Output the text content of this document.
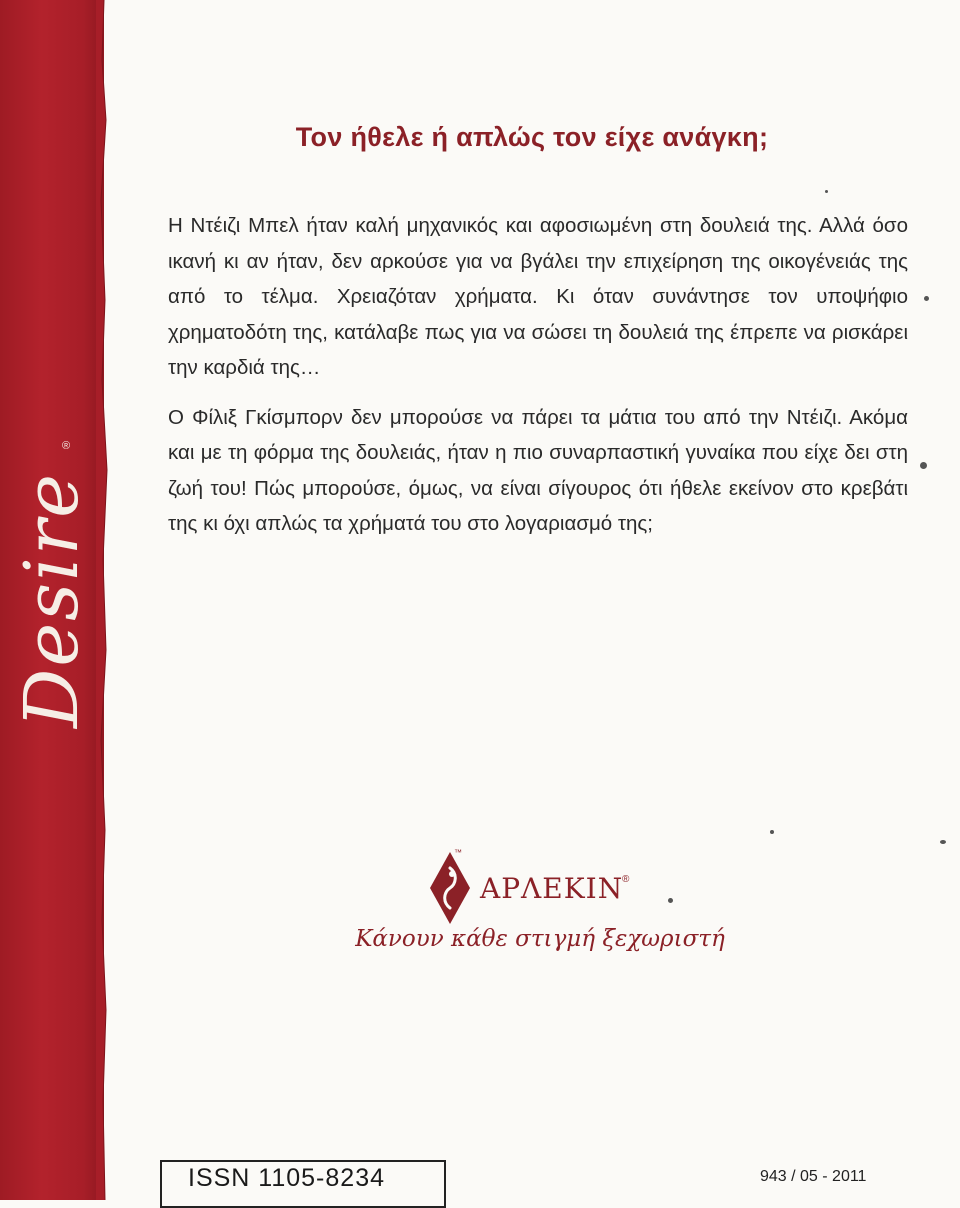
Desire
®
Τον ήθελε ή απλώς τον είχε ανάγκη;

Η Ντέιζι Μπελ ήταν καλή μηχανικός και αφοσιωμένη στη δουλειά της. Αλλά όσο ικανή κι αν ήταν, δεν αρκούσε για να βγάλει την επιχείρηση της οικογένειάς της από το τέλμα. Χρειαζόταν χρήματα. Κι όταν συνάντησε τον υποψήφιο χρηματοδότη της, κατάλαβε πως για να σώσει τη δουλειά της έπρεπε να ρισκάρει την καρδιά της…

Ο Φίλιξ Γκίσμπορν δεν μπορούσε να πάρει τα μάτια του από την Ντέιζι. Ακόμα και με τη φόρμα της δουλειάς, ήταν η πιο συναρπαστική γυναίκα που είχε δει στη ζωή του! Πώς μπορούσε, όμως, να είναι σίγουρος ότι ήθελε εκείνον στο κρεβάτι της κι όχι απλώς τα χρήματά του στο λογαριασμό της;

™
ΑΡΛΕΚΙΝ
®
Κάνουν κάθε στιγμή ξεχωριστή
ISSN 1105-8234	943 / 05 - 2011
